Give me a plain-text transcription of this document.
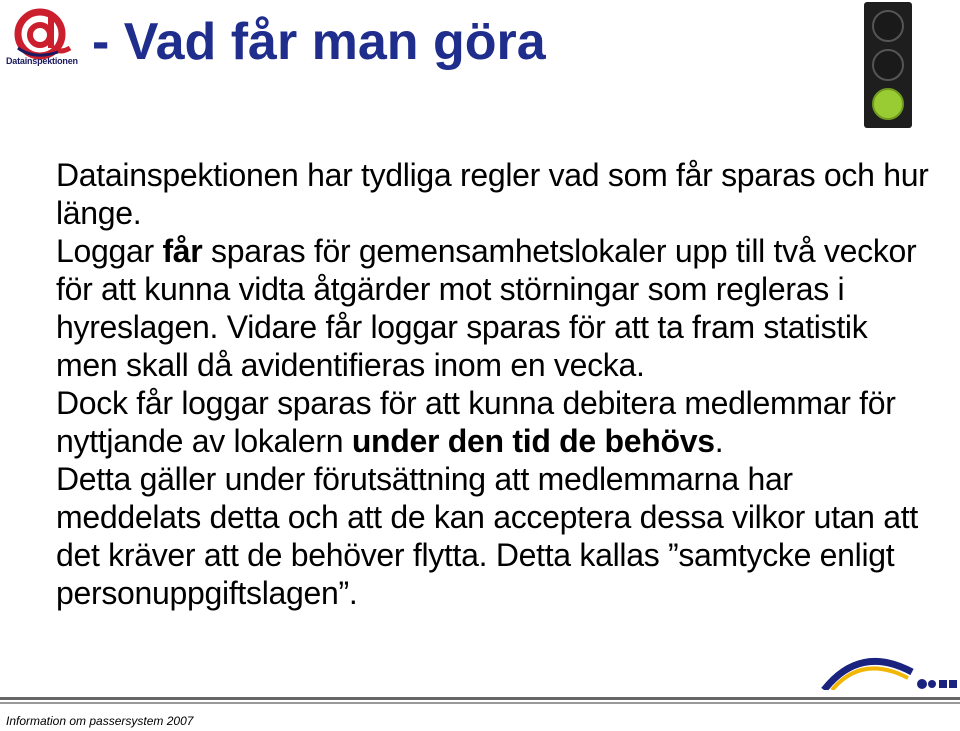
Datainspektionen - Vad får man göra

Datainspektionen har tydliga regler vad som får sparas och hur länge.

Loggar får sparas för gemensamhetslokaler upp till två veckor för att kunna vidta åtgärder mot störningar som regleras i hyreslagen. Vidare får loggar sparas för att ta fram statistik men skall då avidentifieras inom en vecka.

Dock får loggar sparas för att kunna debitera medlemmar för nyttjande av lokalern under den tid de behövs.

Detta gäller under förutsättning att medlemmarna har meddelats detta och att de kan acceptera dessa vilkor utan att det kräver att de behöver flytta. Detta kallas ”samtycke enligt personuppgiftslagen”.

Information om passersystem 2007
